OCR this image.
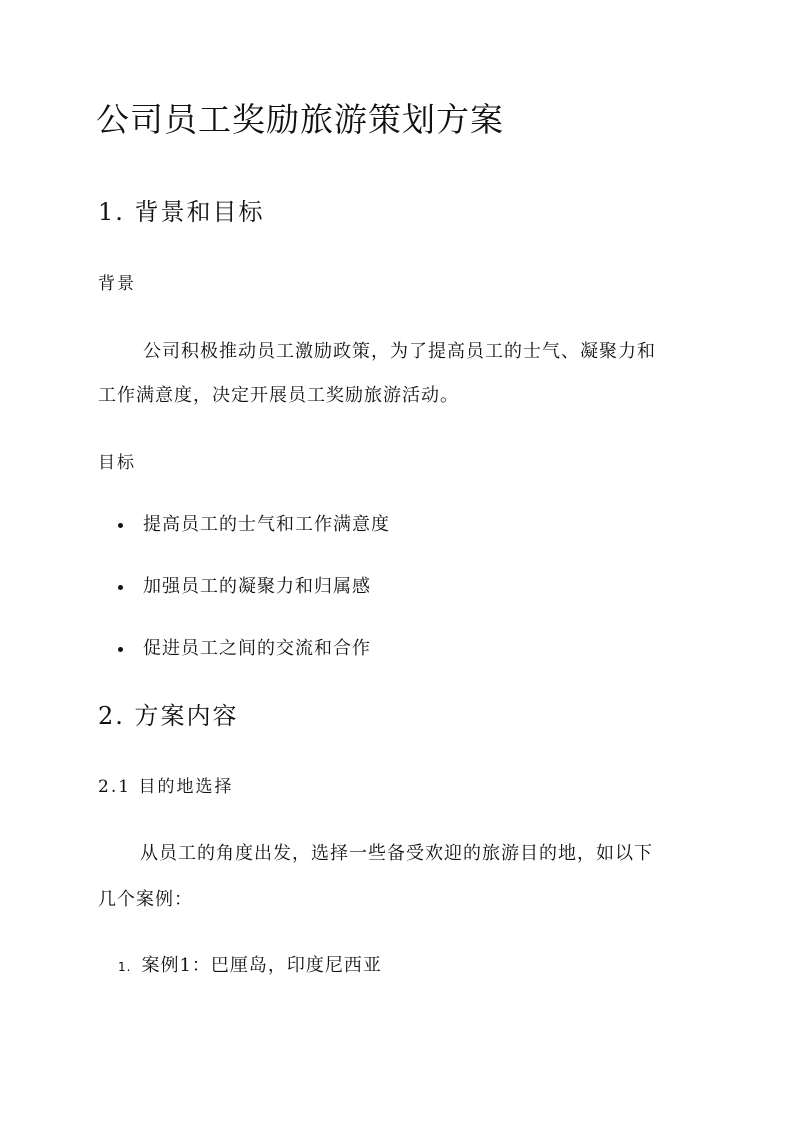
公司员工奖励旅游策划方案
1. 背景和目标
背景
公司积极推动员工激励政策，为了提高员工的士气、凝聚力和
工作满意度，决定开展员工奖励旅游活动。
目标
提高员工的士气和工作满意度
加强员工的凝聚力和归属感
促进员工之间的交流和合作
2. 方案内容
2.1 目的地选择
从员工的角度出发，选择一些备受欢迎的旅游目的地，如以下
几个案例：
1. 案例1：巴厘岛，印度尼西亚
